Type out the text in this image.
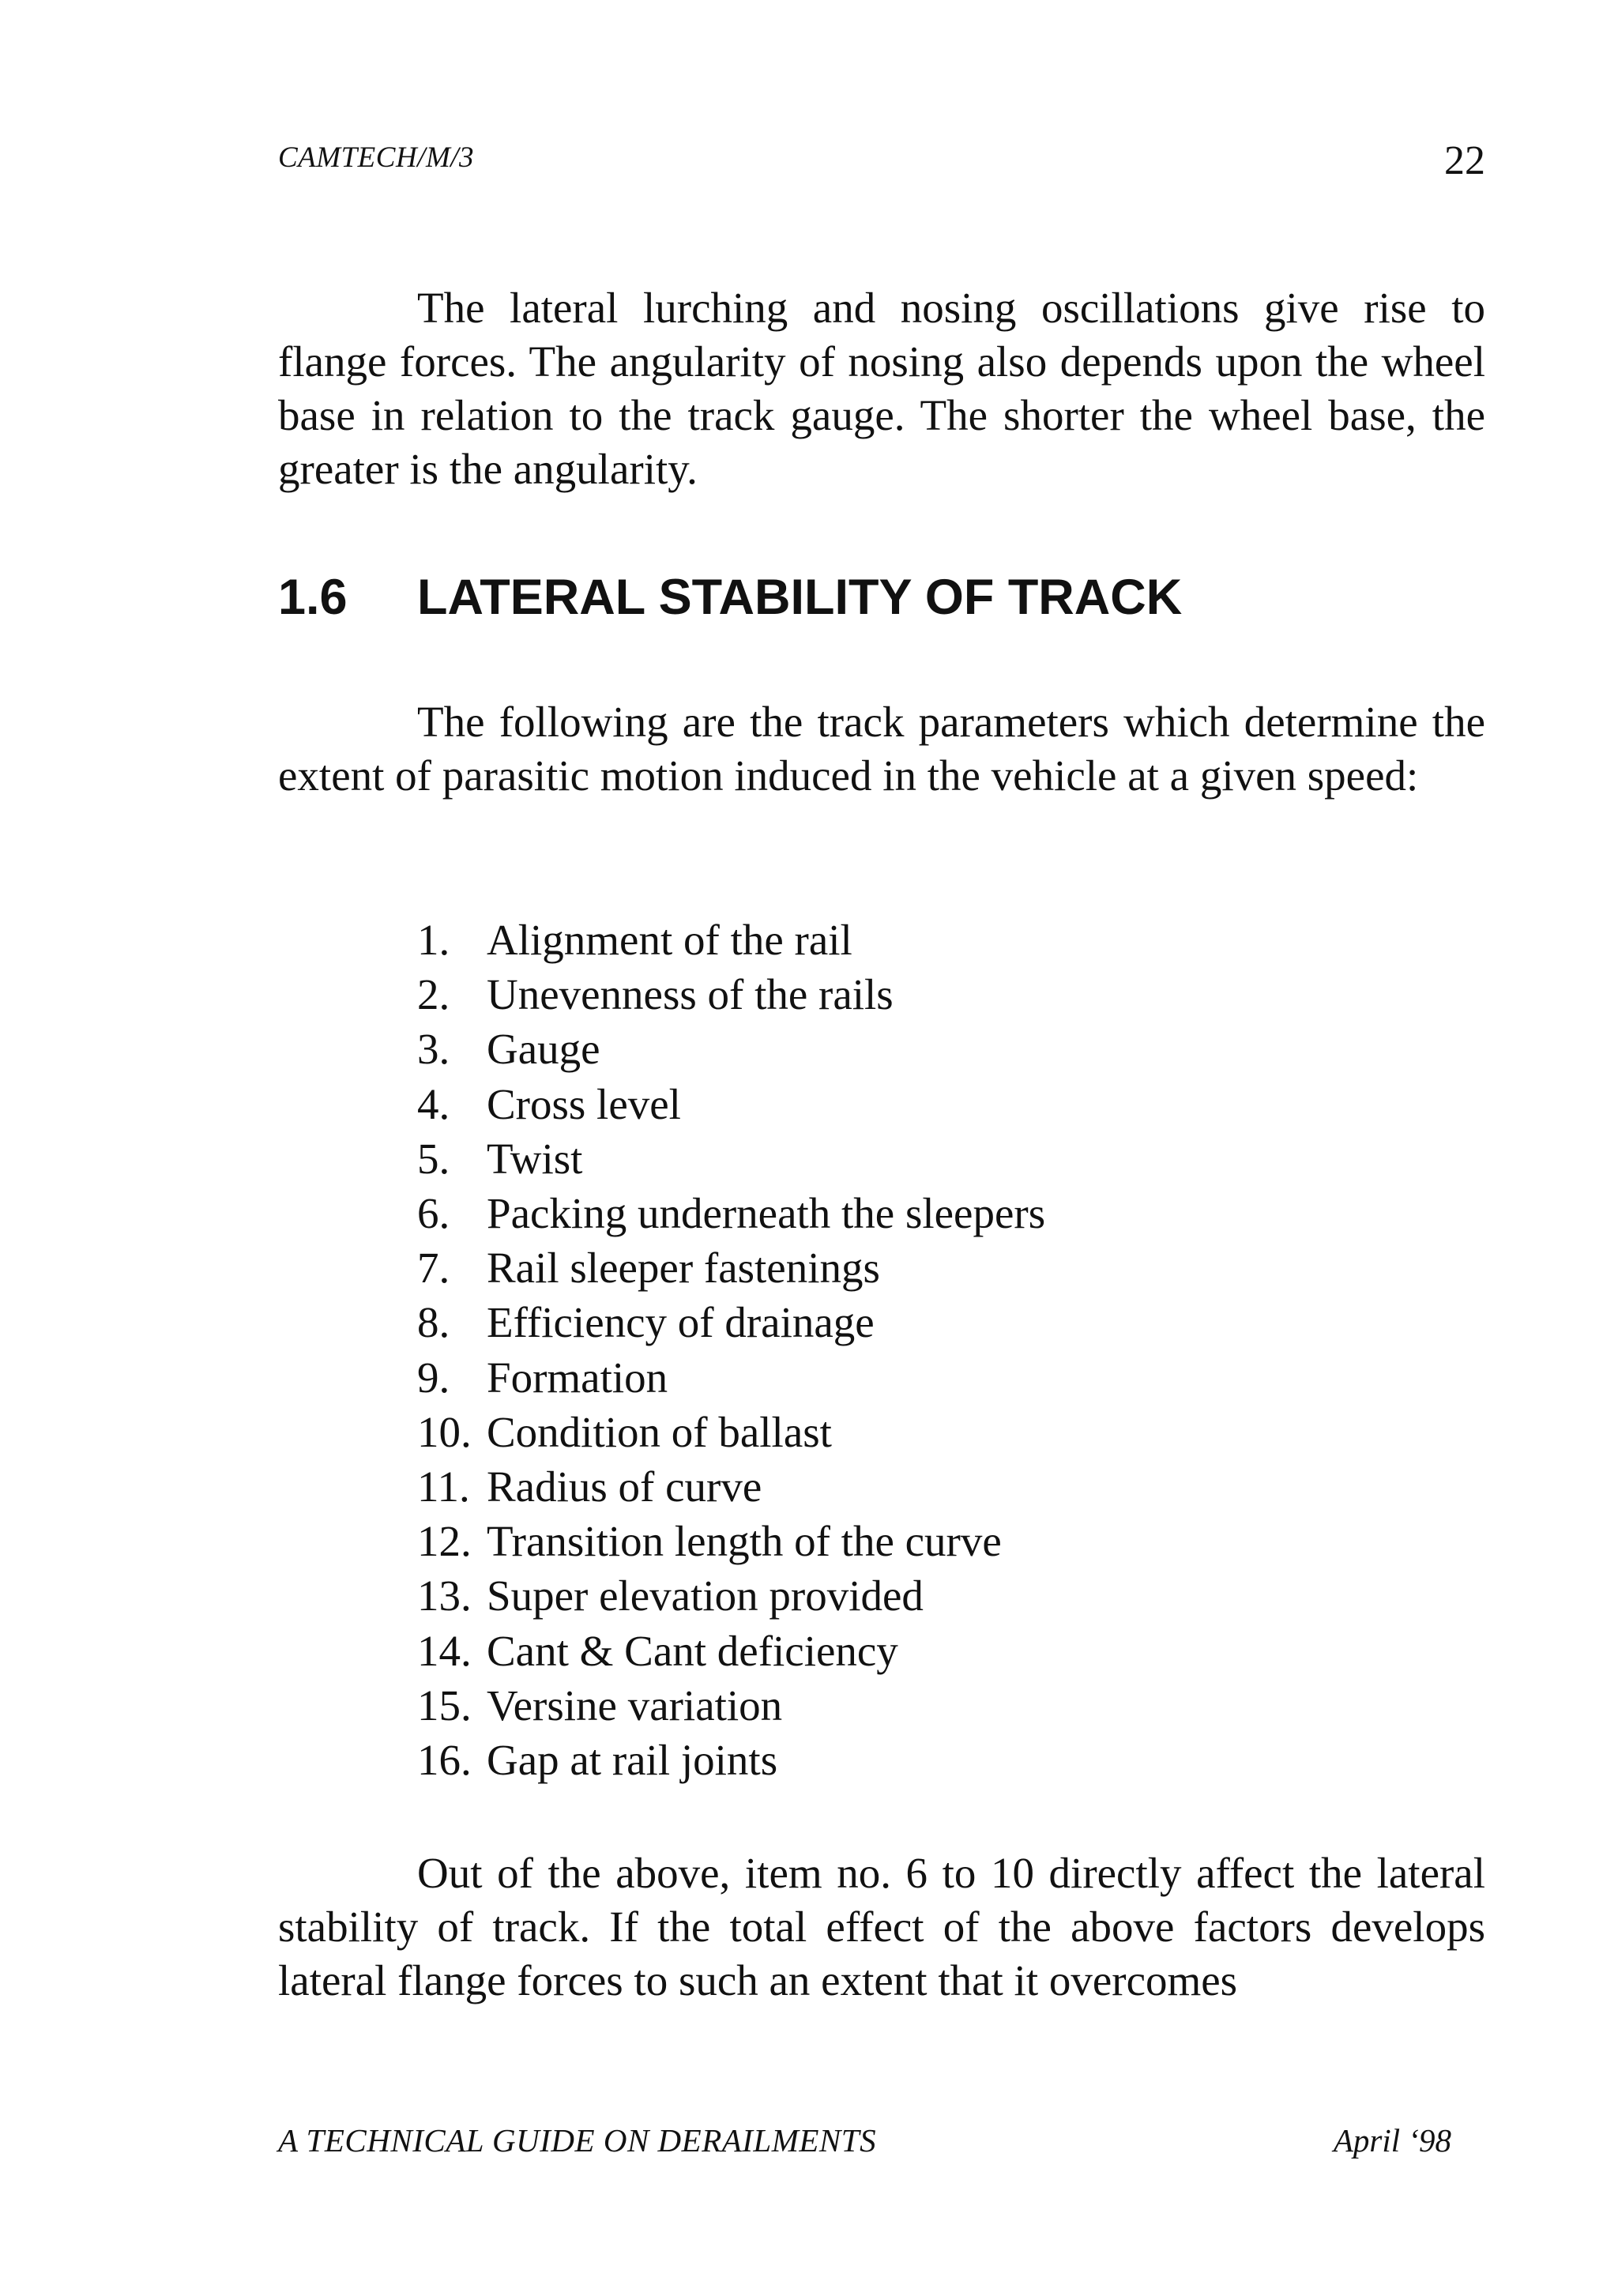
CAMTECH/M/3	22

The lateral lurching and nosing oscillations give rise to flange forces. The angularity of nosing also depends upon the wheel base in relation to the track gauge. The shorter the wheel base, the greater is the angularity.

1.6 LATERAL STABILITY OF TRACK

The following are the track parameters which determine the extent of parasitic motion induced in the vehicle at a given speed:

1. Alignment of the rail
2. Unevenness of the rails
3. Gauge
4. Cross level
5. Twist
6. Packing underneath the sleepers
7. Rail sleeper fastenings
8. Efficiency of drainage
9. Formation
10. Condition of ballast
11. Radius of curve
12. Transition length of the curve
13. Super elevation provided
14. Cant & Cant deficiency
15. Versine variation
16. Gap at rail joints

Out of the above, item no. 6 to 10 directly affect the lateral stability of track. If the total effect of the above factors develops lateral flange forces to such an extent that it overcomes

A TECHNICAL GUIDE ON DERAILMENTS	April ‘98
